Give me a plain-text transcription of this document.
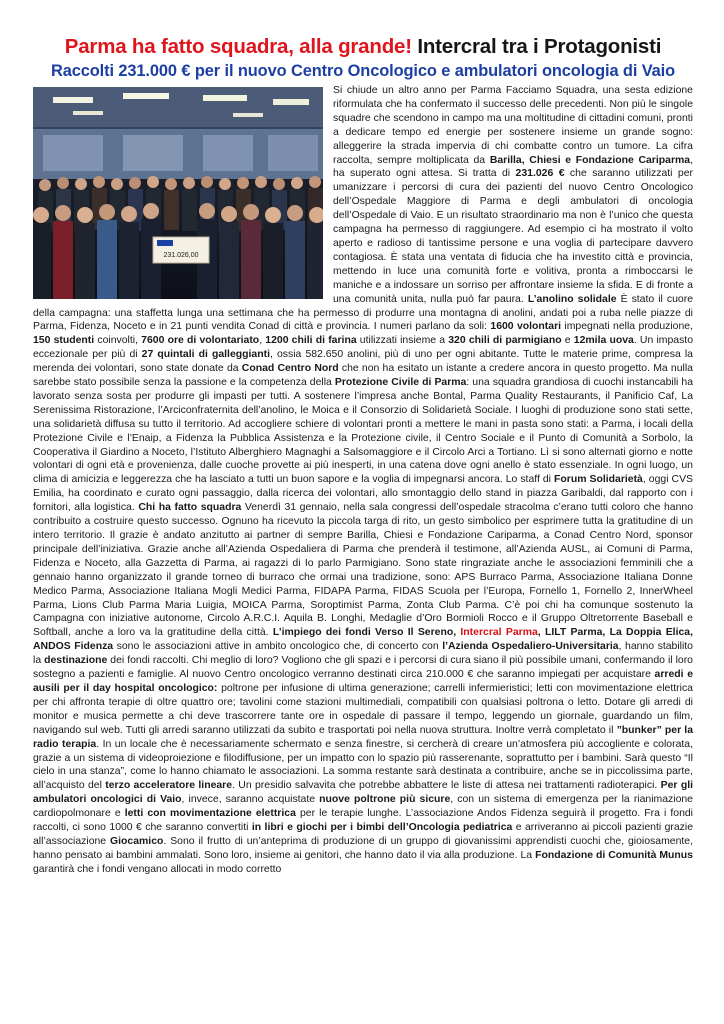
Parma ha fatto squadra, alla grande! Intercral tra i Protagonisti
Raccolti 231.000 € per il nuovo Centro Oncologico e ambulatori oncologia di Vaio
231.026,00

Si chiude un altro anno per Parma Facciamo Squadra, una sesta edizione riformulata che ha confermato il successo delle precedenti. Non più le singole squadre che scendono in campo ma una moltitudine di cittadini comuni, pronti a dedicare tempo ed energie per sostenere insieme un grande sogno: alleggerire la strada impervia di chi combatte contro un tumore. La cifra raccolta, sempre moltiplicata da Barilla, Chiesi e Fondazione Cariparma, ha superato ogni attesa. Si tratta di 231.026 € che saranno utilizzati per umanizzare i percorsi di cura dei pazienti del nuovo Centro Oncologico dell’Ospedale Maggiore di Parma e degli ambulatori di oncologia dell’Ospedale di Vaio. E un risultato straordinario ma non è l’unico che questa campagna ha permesso di raggiungere. Ad esempio ci ha mostrato il volto aperto e radioso di tantissime persone e una voglia di partecipare davvero contagiosa. È stata una ventata di fiducia che ha investito città e provincia, mettendo in luce una comunità forte e volitiva, pronta a rimboccarsi le maniche e a indossare un sorriso per affrontare insieme la sfida. E di fronte a una comunità unita, nulla può far paura. L’anolino solidale È stato il cuore della campagna: una staffetta lunga una settimana che ha permesso di produrre una montagna di anolini, andati poi a ruba nelle piazze di Parma, Fidenza, Noceto e in 21 punti vendita Conad di città e provincia. I numeri parlano da soli: 1600 volontari impegnati nella produzione, 150 studenti coinvolti, 7600 ore di volontariato, 1200 chili di farina utilizzati insieme a 320 chili di parmigiano e 12mila uova. Un impasto eccezionale per più di 27 quintali di galleggianti, ossia 582.650 anolini, più di uno per ogni abitante. Tutte le materie prime, compresa la merenda dei volontari, sono state donate da Conad Centro Nord che non ha esitato un istante a credere ancora in questo progetto. Ma nulla sarebbe stato possibile senza la passione e la competenza della Protezione Civile di Parma: una squadra grandiosa di cuochi instancabili ha lavorato senza sosta per produrre gli impasti per tutti. A sostenere l’impresa anche Bontal, Parma Quality Restaurants, il Panificio Caf, La Serenissima Ristorazione, l’Arciconfraternita dell’anolino, le Moica e il Consorzio di Solidarietà Sociale. I luoghi di produzione sono stati sette, una solidarietà diffusa su tutto il territorio. Ad accogliere schiere di volontari pronti a mettere le mani in pasta sono stati: a Parma, i locali della Protezione Civile e l’Enaip, a Fidenza la Pubblica Assistenza e la Protezione civile, il Centro Sociale e il Punto di Comunità a Sorbolo, la Cooperativa il Giardino a Noceto, l’Istituto Alberghiero Magnaghi a Salsomaggiore e il Circolo Arci a Tortiano. Lì si sono alternati giorno e notte volontari di ogni età e provenienza, dalle cuoche provette ai più inesperti, in una catena dove ogni anello è stato essenziale. In ogni luogo, un clima di amicizia e leggerezza che ha lasciato a tutti un buon sapore e la voglia di impegnarsi ancora. Lo staff di Forum Solidarietà, oggi CVS Emilia, ha coordinato e curato ogni passaggio, dalla ricerca dei volontari, allo smontaggio dello stand in piazza Garibaldi, dal rapporto con i fornitori, alla logistica. Chi ha fatto squadra Venerdì 31 gennaio, nella sala congressi dell’ospedale stracolma c’erano tutti coloro che hanno contribuito a costruire questo successo. Ognuno ha ricevuto la piccola targa di rito, un gesto simbolico per esprimere tutta la gratitudine di un intero territorio. Il grazie è andato anzitutto ai partner di sempre Barilla, Chiesi e Fondazione Cariparma, a Conad Centro Nord, sponsor principale dell’iniziativa. Grazie anche all’Azienda Ospedaliera di Parma che prenderà il testimone, all’Azienda AUSL, ai Comuni di Parma, Fidenza e Noceto, alla Gazzetta di Parma, ai ragazzi di Io parlo Parmigiano. Sono state ringraziate anche le associazioni femminili che a gennaio hanno organizzato il grande torneo di burraco che ormai una tradizione, sono: APS Burraco Parma, Associazione Italiana Donne Medico Parma, Associazione Italiana Mogli Medici Parma, FIDAPA Parma, FIDAS Scuola per l’Europa, Fornello 1, Fornello 2, InnerWheel Parma, Lions Club Parma Maria Luigia, MOICA Parma, Soroptimist Parma, Zonta Club Parma. C’è poi chi ha comunque sostenuto la Campagna con iniziative autonome, Circolo A.R.C.I. Aquila B. Longhi, Medaglie d’Oro Bormioli Rocco e il Gruppo Oltretorrente Baseball e Softball, anche a loro va la gratitudine della città. L’impiego dei fondi Verso Il Sereno, Intercral Parma, LILT Parma, La Doppia Elica, ANDOS Fidenza sono le associazioni attive in ambito oncologico che, di concerto con l’Azienda Ospedaliero-Universitaria, hanno stabilito la destinazione dei fondi raccolti. Chi meglio di loro? Vogliono che gli spazi e i percorsi di cura siano il più possibile umani, confermando il loro sostegno a pazienti e famiglie. Al nuovo Centro oncologico verranno destinati circa 210.000 € che saranno impiegati per acquistare arredi e ausili per il day hospital oncologico: poltrone per infusione di ultima generazione; carrelli infermieristici; letti con movimentazione elettrica per chi affronta terapie di oltre quattro ore; tavolini come stazioni multimediali, compatibili con qualsiasi poltrona o letto. Dotare gli arredi di monitor e musica permette a chi deve trascorrere tante ore in ospedale di passare il tempo, leggendo un giornale, guardando un film, navigando sul web. Tutti gli arredi saranno utilizzati da subito e trasportati poi nella nuova struttura. Inoltre verrà completato il ”bunker” per la radio terapia. In un locale che è necessariamente schermato e senza finestre, si cercherà di creare un’atmosfera più accogliente e colorata, grazie a un sistema di videoproiezione e filodiffusione, per un impatto con lo spazio più rasserenante, soprattutto per i bambini. Sarà questo “Il cielo in una stanza”, come lo hanno chiamato le associazioni. La somma restante sarà destinata a contribuire, anche se in piccolissima parte, all’acquisto del terzo acceleratore lineare. Un presidio salvavita che potrebbe abbattere le liste di attesa nei trattamenti radioterapici. Per gli ambulatori oncologici di Vaio, invece, saranno acquistate nuove poltrone più sicure, con un sistema di emergenza per la rianimazione cardiopolmonare e letti con movimentazione elettrica per le terapie lunghe. L’associazione Andos Fidenza seguirà il progetto. Fra i fondi raccolti, ci sono 1000 € che saranno convertiti in libri e giochi per i bimbi dell’Oncologia pediatrica e arriveranno ai piccoli pazienti grazie all’associazione Giocamico. Sono il frutto di un’anteprima di produzione di un gruppo di giovanissimi apprendisti cuochi che, gioiosamente, hanno pensato ai bambini ammalati. Sono loro, insieme ai genitori, che hanno dato il via alla produzione. La Fondazione di Comunità Munus garantirà che i fondi vengano allocati in modo corretto
